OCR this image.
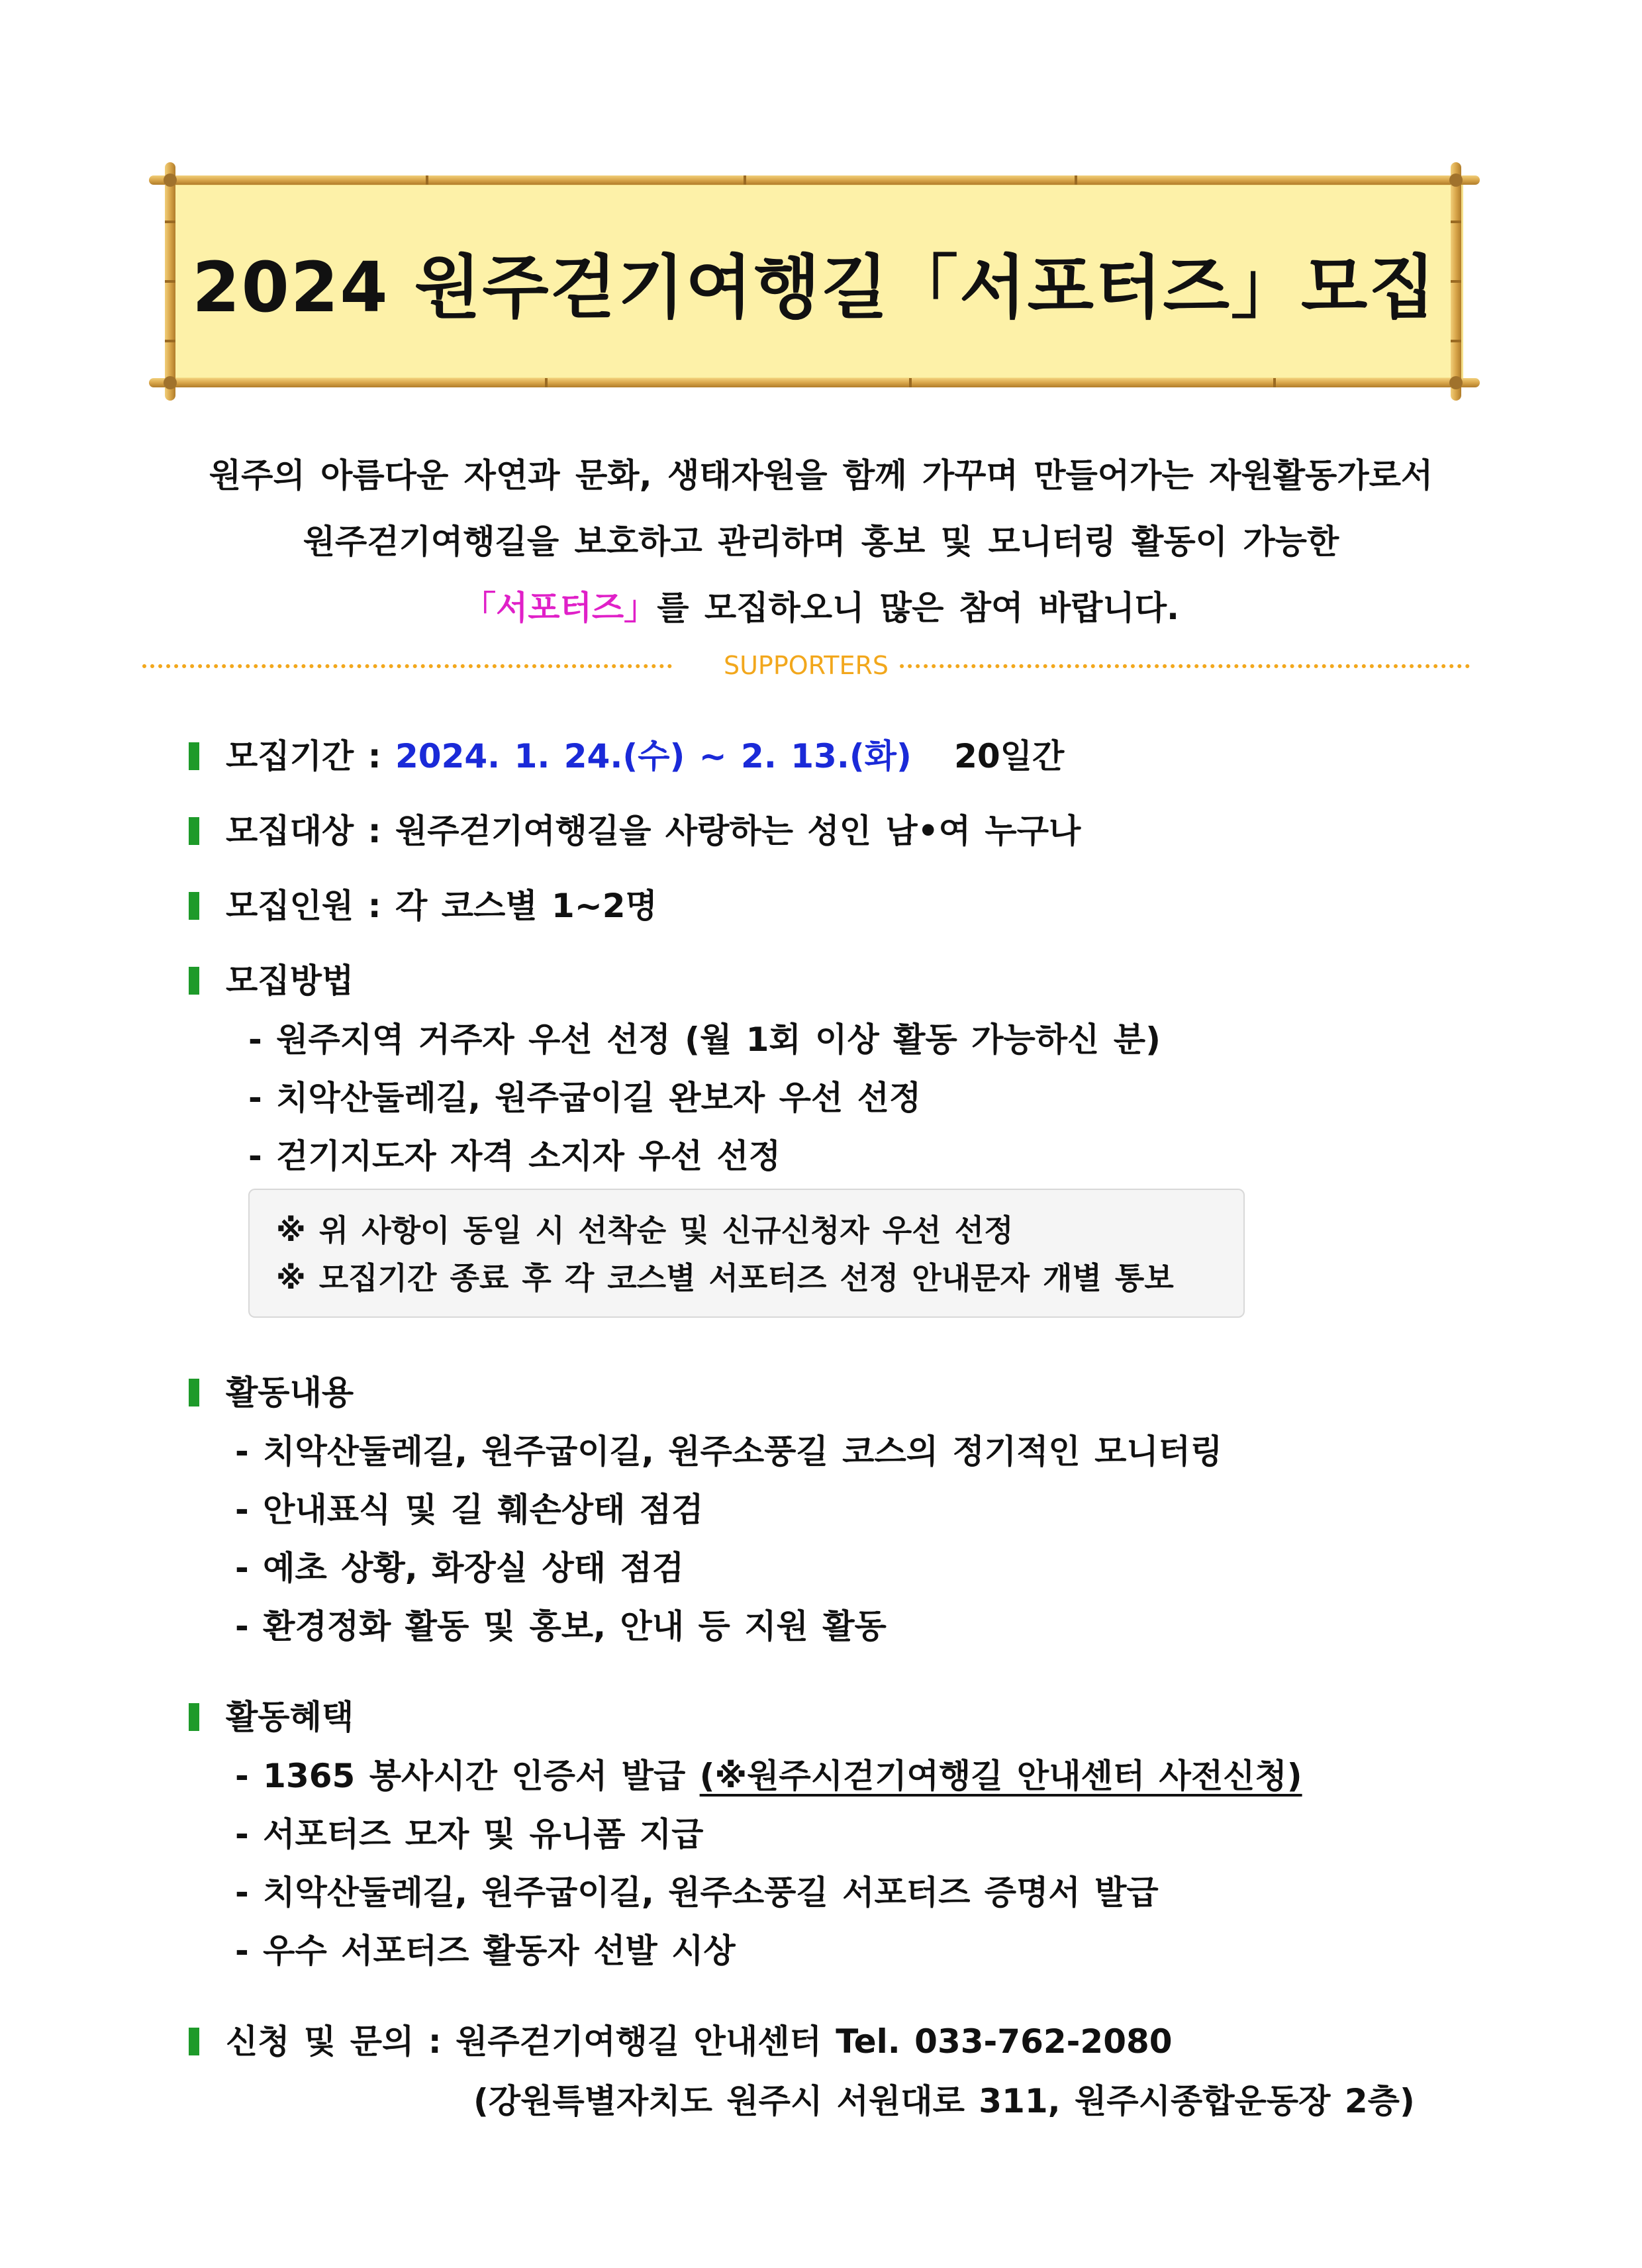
2024 원주걷기여행길「서포터즈」모집
원주의 아름다운 자연과 문화, 생태자원을 함께 가꾸며 만들어가는 자원활동가로서
원주걷기여행길을 보호하고 관리하며 홍보 및 모니터링 활동이 가능한
「서포터즈」를 모집하오니 많은 참여 바랍니다.
SUPPORTERS
모집기간 : 2024. 1. 24.(수) ~ 2. 13.(화) 20일간
모집대상 : 원주걷기여행길을 사랑하는 성인 남•여 누구나
모집인원 : 각 코스별 1~2명
모집방법
- 원주지역 거주자 우선 선정 (월 1회 이상 활동 가능하신 분)
- 치악산둘레길, 원주굽이길 완보자 우선 선정
- 걷기지도자 자격 소지자 우선 선정
※ 위 사항이 동일 시 선착순 및 신규신청자 우선 선정
※ 모집기간 종료 후 각 코스별 서포터즈 선정 안내문자 개별 통보
활동내용
- 치악산둘레길, 원주굽이길, 원주소풍길 코스의 정기적인 모니터링
- 안내표식 및 길 훼손상태 점검
- 예초 상황, 화장실 상태 점검
- 환경정화 활동 및 홍보, 안내 등 지원 활동
활동혜택
- 1365 봉사시간 인증서 발급 (※원주시걷기여행길 안내센터 사전신청)
- 서포터즈 모자 및 유니폼 지급
- 치악산둘레길, 원주굽이길, 원주소풍길 서포터즈 증명서 발급
- 우수 서포터즈 활동자 선발 시상
신청 및 문의 : 원주걷기여행길 안내센터 Tel. 033-762-2080
(강원특별자치도 원주시 서원대로 311, 원주시종합운동장 2층)
